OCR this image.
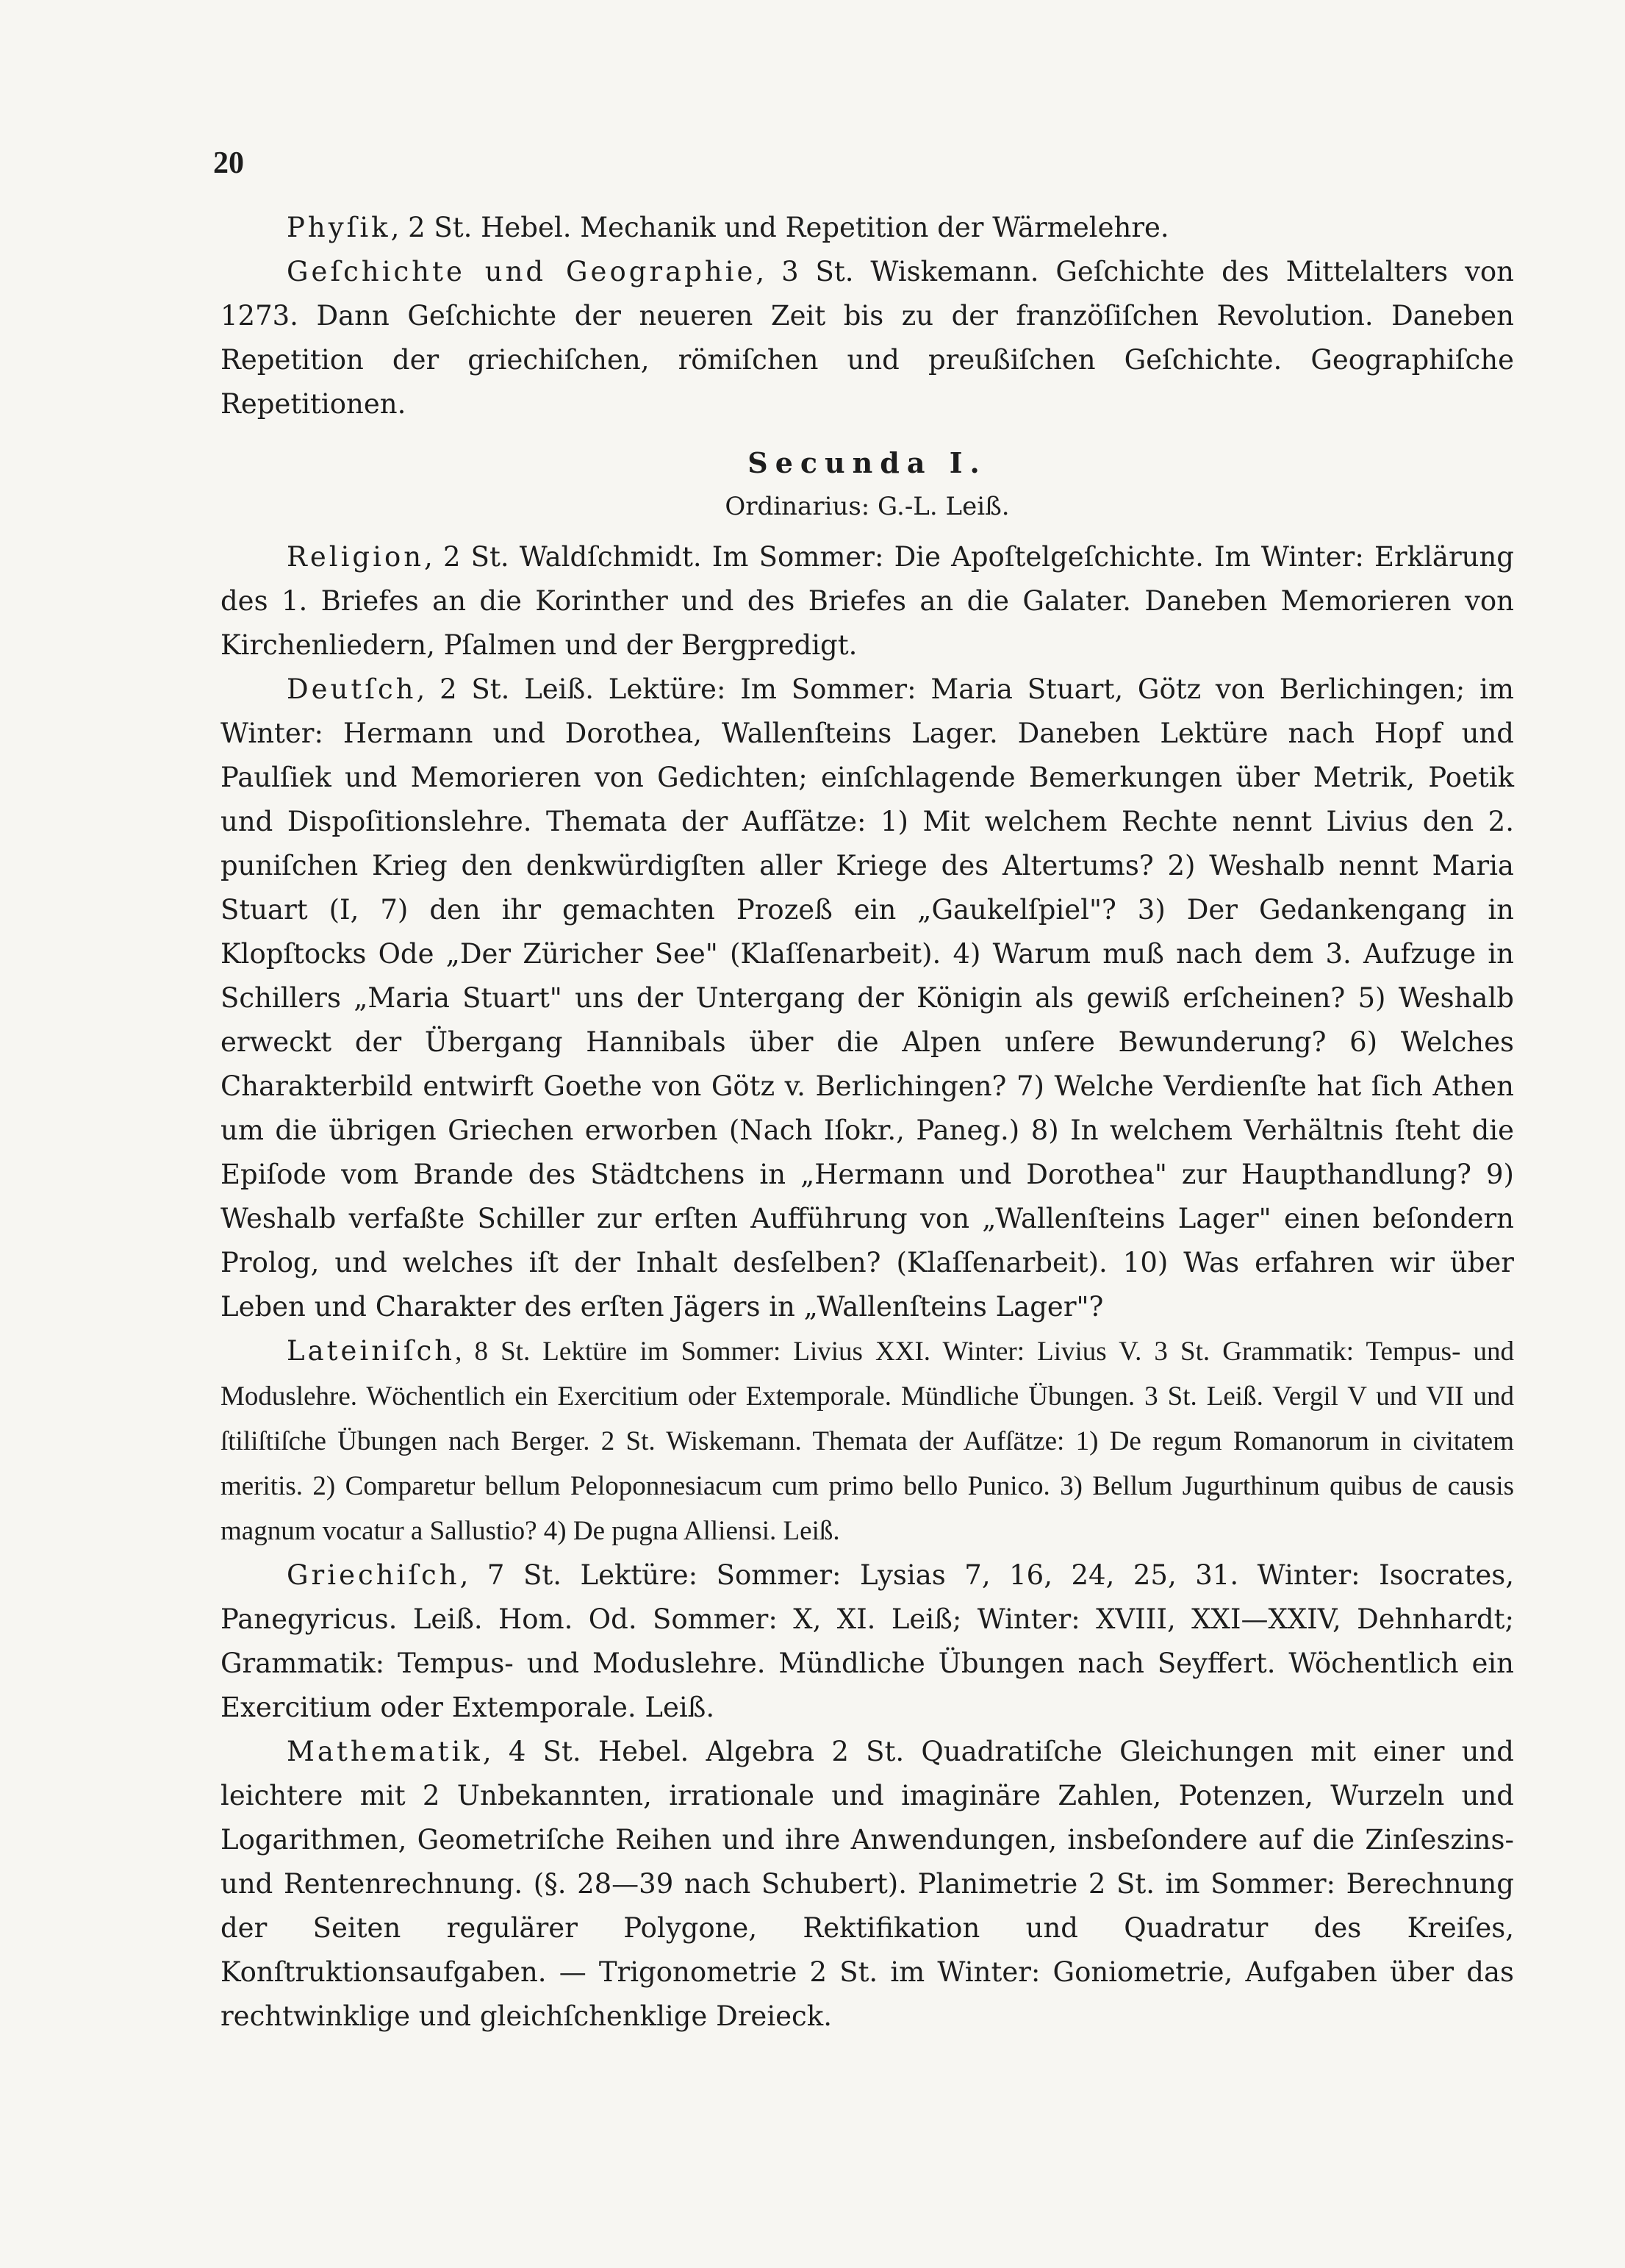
20

Phyſik, 2 St. Hebel. Mechanik und Repetition der Wärmelehre.

Geſchichte und Geographie, 3 St. Wiskemann. Geſchichte des Mittelalters von 1273. Dann Geſchichte der neueren Zeit bis zu der franzöſiſchen Revolution. Daneben Repetition der griechiſchen, römiſchen und preußiſchen Geſchichte. Geographiſche Repetitionen.

Secunda I.
Ordinarius: G.-L. Leiß.

Religion, 2 St. Waldſchmidt. Im Sommer: Die Apoſtelgeſchichte. Im Winter: Erklärung des 1. Briefes an die Korinther und des Briefes an die Galater. Daneben Memorieren von Kirchenliedern, Pſalmen und der Bergpredigt.

Deutſch, 2 St. Leiß. Lektüre: Im Sommer: Maria Stuart, Götz von Berlichingen; im Winter: Hermann und Dorothea, Wallenſteins Lager. Daneben Lektüre nach Hopf und Paulſiek und Memorieren von Gedichten; einſchlagende Bemerkungen über Metrik, Poetik und Dispoſitionslehre. Themata der Aufſätze: 1) Mit welchem Rechte nennt Livius den 2. puniſchen Krieg den denkwürdigſten aller Kriege des Altertums? 2) Weshalb nennt Maria Stuart (I, 7) den ihr gemachten Prozeß ein „Gaukelſpiel"? 3) Der Gedankengang in Klopſtocks Ode „Der Züricher See" (Klaſſenarbeit). 4) Warum muß nach dem 3. Aufzuge in Schillers „Maria Stuart" uns der Untergang der Königin als gewiß erſcheinen? 5) Weshalb erweckt der Übergang Hannibals über die Alpen unſere Bewunderung? 6) Welches Charakterbild entwirft Goethe von Götz v. Berlichingen? 7) Welche Verdienſte hat ſich Athen um die übrigen Griechen erworben (Nach Iſokr., Paneg.) 8) In welchem Verhältnis ſteht die Epiſode vom Brande des Städtchens in „Hermann und Dorothea" zur Haupthandlung? 9) Weshalb verfaßte Schiller zur erſten Aufführung von „Wallenſteins Lager" einen beſondern Prolog, und welches iſt der Inhalt desſelben? (Klaſſenarbeit). 10) Was erfahren wir über Leben und Charakter des erſten Jägers in „Wallenſteins Lager"?

Lateiniſch, 8 St. Lektüre im Sommer: Livius XXI. Winter: Livius V. 3 St. Grammatik: Tempus- und Moduslehre. Wöchentlich ein Exercitium oder Extemporale. Mündliche Übungen. 3 St. Leiß. Vergil V und VII und ſtiliſtiſche Übungen nach Berger. 2 St. Wiskemann. Themata der Aufſätze: 1) De regum Romanorum in civitatem meritis. 2) Comparetur bellum Peloponnesiacum cum primo bello Punico. 3) Bellum Jugurthinum quibus de causis magnum vocatur a Sallustio? 4) De pugna Alliensi. Leiß.

Griechiſch, 7 St. Lektüre: Sommer: Lysias 7, 16, 24, 25, 31. Winter: Isocrates, Panegyricus. Leiß. Hom. Od. Sommer: X, XI. Leiß; Winter: XVIII, XXI—XXIV, Dehnhardt; Grammatik: Tempus- und Moduslehre. Mündliche Übungen nach Seyffert. Wöchentlich ein Exercitium oder Extemporale. Leiß.

Mathematik, 4 St. Hebel. Algebra 2 St. Quadratiſche Gleichungen mit einer und leichtere mit 2 Unbekannten, irrationale und imaginäre Zahlen, Potenzen, Wurzeln und Logarithmen, Geometriſche Reihen und ihre Anwendungen, insbeſondere auf die Zinſeszins- und Rentenrechnung. (§. 28—39 nach Schubert). Planimetrie 2 St. im Sommer: Berechnung der Seiten regulärer Polygone, Rektifikation und Quadratur des Kreiſes, Konſtruktionsaufgaben. — Trigonometrie 2 St. im Winter: Goniometrie, Aufgaben über das rechtwinklige und gleichſchenklige Dreieck.
